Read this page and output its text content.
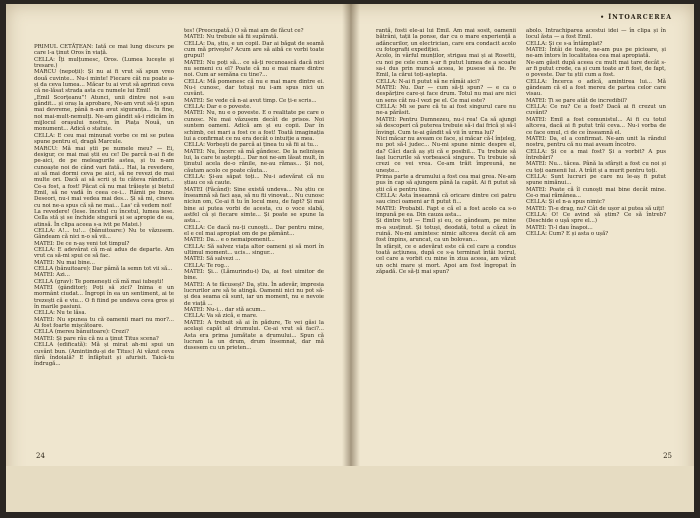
PRIMUL CETĂȚEAN: Iată ce mai lung discurs pe care l-a ținut Oros în viață.

CELLA: Îți mulțumesc, Oros. (Lumea lucește și tresare.)

MARCU (nepoții): Și nu ai fi vrut să spun vreo două cuvinte... Nu-i minte! Fiecare cât nu poate a-și da ceva lumea... Măcar tu ai vrut să aprinzi ceva că ne-lăsat strada asta cu numele lui Emil!

„Emil Scorțeanu”! Atunci, unii dintre noi s-au gândit... și oraș la aprobare, Ne-am vrut să-ți spun mai devreme, până n-am avut siguranța... In fine, noi mai-mult-nemulți. Ne-am gândit să-i ridicăm în mijlocul orașului nostru, în Piața Nouă, un monument... Adică o statuie.

CELLA: E ceu mai minunat vorbe ce mi se putea spune pentru el, dragă Marcule.

MARCU: Mă mai știi pe numele meu? — Ei, desigur, ce mai mai știi eu ce! De parcă n-ai fi de pe-aici, de pe meleagurile astea, și tu n-am cunoaște noi de când vari fată... Hai, la revedere, ai să mai dormi ceva pe aici, să ne revezi de mai multe ori. Dacă ai să scrii și tu câteva rânduri... Ce-a fost, a fost! Păcat că nu mai trăiește și bietul Emil, să ne vadă în ceea ce-i... Râmii pe bune. Deseori, nu-i mai vedea mai des... Și să mi, cineva cu noi ne-a spus că să ne mai... Las' că vedem noi!

La revedere! (Iese. încetul cu încetul, lumea iese. Cella stă și se închide singură și se apropie de ea, atinsă. În clipa aceea s-a ivit pe Matei.)

CELLA: A!... tu!... (bânuitoare:) Nu te văzusem. Gândeam că nici n-o să vii...

MATEI: De ce n-aș veni tot timpul?

CELLA: E adevărat că m-ai adus de departe. Am vrut ca să-mi spui ce să fac.

MATEI: Nu mai bine...

CELLA (bânuitoare): Dar pâmă la semn tot vii să...

MATEI: Azi...

CELLA (grav): Te pomenești că mă mai iubești!

MATEI (gânditor): Poți să zici? Inima e un mormânt ciudat... Îngropi în ea un sentiment, ai te trezești că e viu... O fi fiind pe undeva ceva gros și în marile pasiuni.

CELLA: Nu te lăsa.

MATEI: Nu spunea tu că oamenii mari nu mor?... Ai fost foarte mișcătoare.

CELLA (mereu bânuitoare): Crezi?

MATEI: Și pare râu că nu a ținut Titus scena?

CELLA (edificată): Mă și mirat ah-mi spui un cuvânt bun. (Amintindu-și de Titus:) Ai văzut ceva fără îndoială? E înfăptuit și afurisit. Taică-tu îndrugă...

tes! (Preocupată.) O să mai am de făcut ce?

MATEI: Nu trebuie să fii supărată.

CELLA: Da, știu, e un copil. Dar ai băgat de seamă cum mă privește? Acum are să aibă ce vorbi toate grupul!

MATEI: Nu poți să... ce să-ți recunoască dacă nici nu semeni cu el? Poate că nu e mai mare dintre noi. Cum ar semăna cu tine?...

CELLA: Mă pomenesc că nu e mai mare dintre ei. Nu-i cunosc, dar totuși nu i-am spus nici un cuvânt.

MATEI: Se vede că n-ai avut timp. Ce ți-e scris...

CELLA: Dar e o poveste.

MATEI: Nu, nu e o poveste. E o realitate pe care o cunosc. Nu mai văzusem decât de prisos. Noi suntem oameni. Adică am și eu copii. Dar în schimb, cei mari a fost ce a fost! Toată imaginația lui a confirmat ce nu era decât o intuiție a mea.

CELLA: Vorbești de parcă ai ținea tu să fii ai tu...

MATEI: Nu, încerc să mă gândesc. De la nelinișea lui, la care te aștepți... Dar noi ne-am lăsat mult, în ținutul acela de-o rănile, ne-au rămas... Și noi, căutam acolo ce poate căuta...

CELLA: Și-au săpat toți... Nu-i adevărat că nu știau ce să caute.

MATEI (Făcând): Sine există undeva... Nu știu ce înseamnă să faci așa, să nu fii vinovat... Nu cunosc niciun om, Ce-ai fi tu în locul meu, de fapt? Și mai bine ai putea vorbi de acesta, cu o voce slabă, astfel că și fiecare simte... Și poate se spune la asta...

CELLA: Ce dacă nu-ți cunoști... Dar pentru mine, el e cel mai apropiat om de pe pământ...

MATEI: Da... e o nemaipomenit...

CELLA: Să salvez viața altor oameni și să mori în ultimul moment... ucis... singur...

MATEI: Să salvezi ...

CELLA: Te rog...

MATEI: Și... (Lămurindu-i) Da, ai fost uimitor de bine.

MATEI: A te făcuseși? Da, știu. În adevăr, impresia lucrurilor are să te atingă. Oamenii nici nu pot să-și dea seama că sunt, iar un moment, nu e nevoie de viață ...

MATEI: Nu-i... dar stă acum...

CELLA: Va să zică, e mare.

MATEI: A trebuit să ai în pădure, Te vei găsi la același capăt al drumului. Ce-ai vrut să faci?... Asta era prima jumătate a drumului... Spun că lucram la un drum, drum însemnat, dar mă dusesem cu un prieten...

24
• ÎNTOARCEREA

rantă, fosti ele-ai lui Emil. Am mai sosit, oamenii bătrâni, tații la ponse, dar cu o mare experiență a adâncurilor, un electrician, care era condacit acolo cu fotografii expediției.

Acolo, în vârful munților, strigau mai și ai Rosetti, cu noi pe cele cum s-ar fi putut lumea de a scoate sa-i dus prin muncă aceea, le pusese să fie. Pe Emil, la cărui toți-aștepta.

CELLA: N-ai fi putut să ne rămâi aici?

MATEI: Nu. Dar — cum să-ți spun? — e ca o despărțire care-și face drum. Totul nu mai are nici un sens cât nu-l vezi pe el. Ce mai este?

CELLA: Mi se pare că tu ai fost singurul care nu ne-a părăsit.

MATEI: Pentru Dumnezeu, nu-i rea! Ca să ajungi să descoperi că puterea trebuie să-i dai frică și să-l învingi. Cum te-ai gândit să vii în urma lui?

Nici măcar nu aveam ce face, și măcar că-l înțeleg, nu pot să-l judec... Nu-mi spune nimic despre el, da? Căci dacă aș ști că e posibil... Tu trebuie să lași lucrurile să vorbească singure. Tu trebuie să crezi ce vei vrea. Ce-am trăit împreună, ne unește...

Prima parte a drumului a fost cea mai grea. Ne-am pus în cap să ajungem până la capăt. Ai fi putut să știi că e pentru tine.

CELLA: Asta înseamnă că oricare dintre cei patru sau cinci oameni ar fi putut fi...

MATEI: Probabil. Fapt e că el a fost acolo ca s-o impună pe ea. Din cauza asta...

Și dintre toți — Emil și eu, ce gândeam, pe mine m-a susținut. Și totuși, deodată, totul a căzut în ruină. Nu-mi amintesc nimic altceva decât că am fost împins, aruncat, ca un bolovan...

În sfârșit, ce e adevărat este că cel care a condus toată acțiunea, după ce s-a terminat întâi lucrul, cel care a vorbit cu mine în ziua aceea, am văzut un ochi mare și mort. Apoi am fost îngropat în zăpadă. Ce să-ți mai spun?

abolo. Intrachiparea acestui idei — în clipa și în locul ăsta — a fost Emil.

CELLA: Și ce s-a întâmplat?

MATEI: Întâi de toate, ne-am pus pe picioare, și ne-am întors în localitatea cea mai apropiată.

Ne-am găsit după aceea cu mult mai tare decât s-ar fi putut crede, ca și cum toate ar fi fost, de fapt, o poveste. Dar tu știi cum a fost.

CELLA: Încerca o adică, amintirea lui... Mă gândeam că el a fost mereu de partea celor care visau.

MATEI: Ți se pare atât de incredibil?

CELLA: Ce nu? Ce a fost? Dacă ai fi crezut un cuvânt?

MATEI: Emil a fost comunistul... Ai fi cu totul altceva, dacă ai fi putut trăi ceva... Nu-i vorba de ce face omul, ci de ce înseamnă el.

MATEI: Da, el a confirmat. Ne-am unit la rândul nostru, pentru că nu mai aveam încotro.

CELLA: Și ce a mai fost? Și a vorbit? A pus întrebări?

MATEI: Nu... tăcea. Până la sfârșit a fost cu noi și cu toți oamenii lui. A trăit și a murit pentru toți.

CELLA: Sunt lucruri pe care nu le-aș fi putut spune nimănui...

MATEI: Poate că îl cunoști mai bine decât mine. Ce-o mai rămânea...

CELLA: Și el n-a spus nimic?

MATEI: Ți-e drag, nu? Cât de ușor ai putea să uiți!

CELLA: O! Ce avind să știm? Ce să întreb? (Deschide o ușă spre el...)

MATEI: Ți-l dau înapoi...

CELLA: Cum? E și asta o ușă?

25
